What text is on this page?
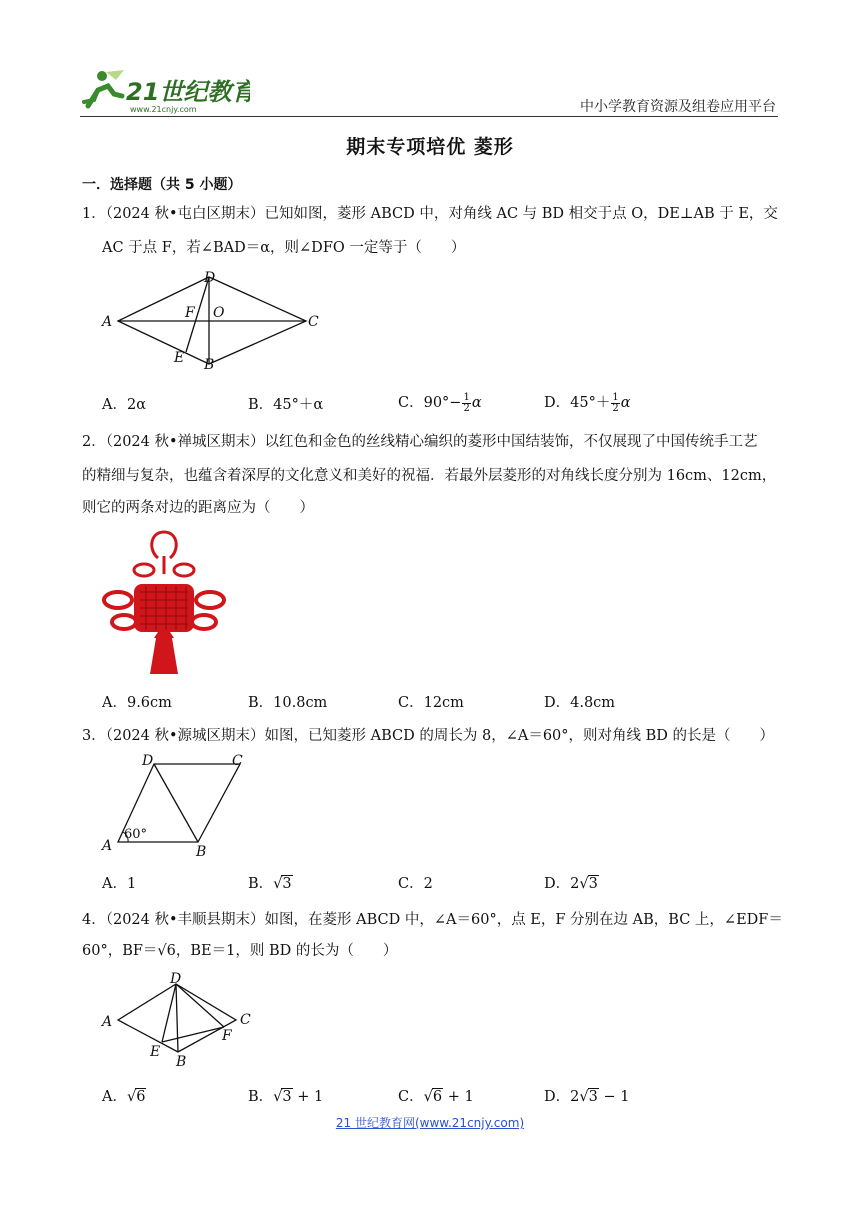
21世纪教育
www.21cnjy.com	中小学教育资源及组卷应用平台
期末专项培优 菱形
一．选择题（共 5 小题）
1．（2024 秋•屯白区期末）已知如图，菱形 ABCD 中，对角线 AC 与 BD 相交于点 O，DE⊥AB 于 E，交
AC 于点 F，若∠BAD＝α，则∠DFO 一定等于（　　）
A
D
C
B
E
F O
A．2α	B．45°＋α	C．$90^\circ- \frac{1}{2}$ α	D．$45^\circ+ \frac{1}{2}$ α
2．（2024 秋•禅城区期末）以红色和金色的丝线精心编织的菱形中国结装饰，不仅展现了中国传统手工艺
的精细与复杂，也蕴含着深厚的文化意义和美好的祝福．若最外层菱形的对角线长度分别为 16cm、12cm，
则它的两条对边的距离应为（　　）
A．9.6cm	B．10.8cm	C．12cm	D．4.8cm
3．（2024 秋•源城区期末）如图，已知菱形 ABCD 的周长为 8，∠A＝60°，则对角线 BD 的长是（　　）
A
D	C
B
60°
A．1	B．√3	C．2	D．2√3
4．（2024 秋•丰顺县期末）如图，在菱形 ABCD 中，∠A＝60°，点 E，F 分别在边 AB，BC 上，∠EDF＝
60°，BF＝√6，BE＝1，则 BD 的长为（　　）
A
D
C
F
E
B
A．√6	B．√3 + 1	C．√6 + 1	D．2√3 − 1
21 世纪教育网(www.21cnjy.com)
